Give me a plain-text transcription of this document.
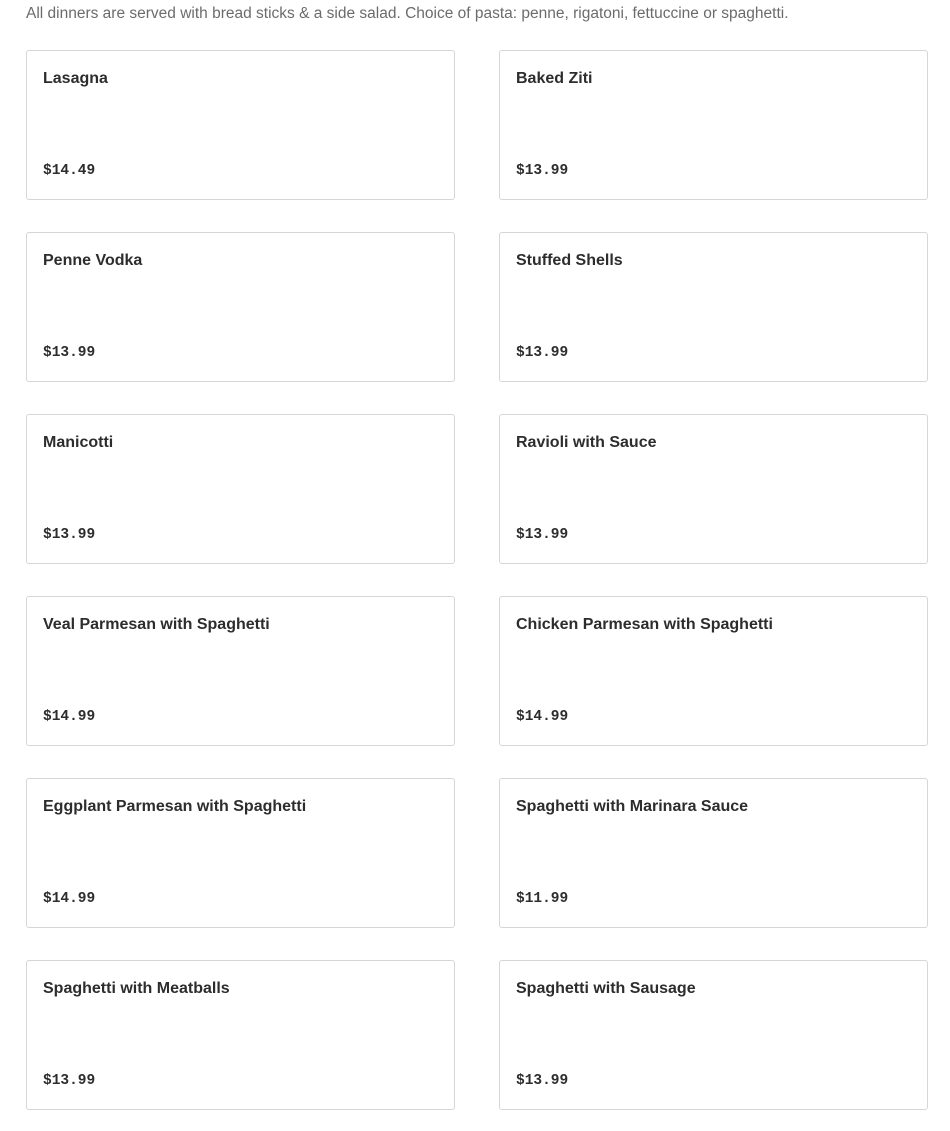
All dinners are served with bread sticks & a side salad. Choice of pasta: penne, rigatoni, fettuccine or spaghetti.

Lasagna
$14.49
Baked Ziti
$13.99
Penne Vodka
$13.99
Stuffed Shells
$13.99
Manicotti
$13.99
Ravioli with Sauce
$13.99
Veal Parmesan with Spaghetti
$14.99
Chicken Parmesan with Spaghetti
$14.99
Eggplant Parmesan with Spaghetti
$14.99
Spaghetti with Marinara Sauce
$11.99
Spaghetti with Meatballs
$13.99
Spaghetti with Sausage
$13.99
